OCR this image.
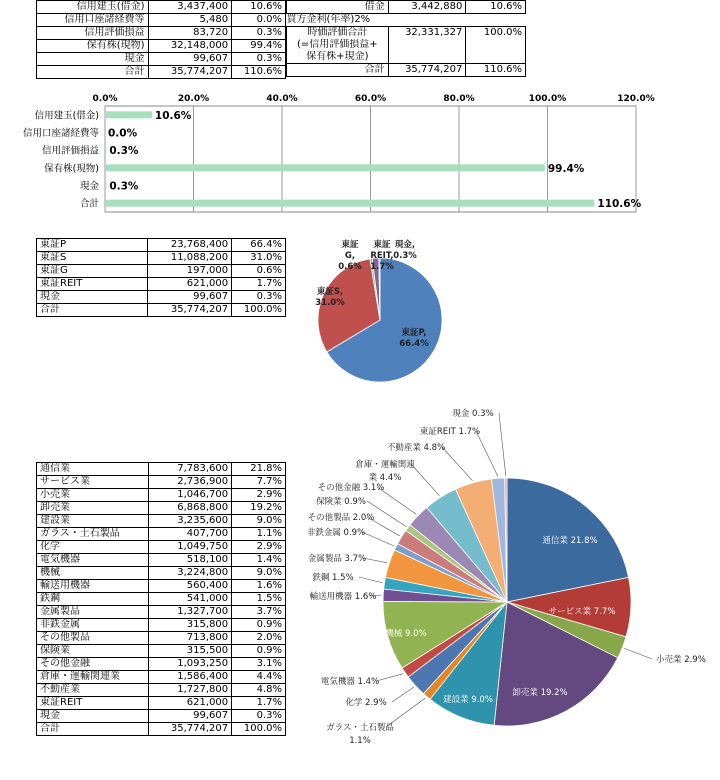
信用建玉(借金)	3,437,400	10.6%
信用口座諸経費等	5,480	0.0%
信用評価損益	83,720	0.3%
保有株(現物)	32,148,000	99.4%
現金	99,607	0.3%
合計	35,774,207	110.6%
借金	3,442,880	10.6%
買方金利(年率)2%		
時価評価合計	32,331,327	100.0%
(=信用評価損益+		
保有株+現金)		
合計	35,774,207	110.6%
0.0%	20.0%	40.0%	60.0%	80.0%	100.0%	120.0%
信用建玉(借金)	10.6%
信用口座諸経費等 0.0%
信用評価損益 0.3%
保有株(現物)	99.4%
現金 0.3%
合計	110.6%
東証P	23,768,400	66.4%
東証S	11,088,200	31.0%
東証G	197,000	0.6%
東証REIT	621,000	1.7%
現金	99,607	0.3%
合計	35,774,207	100.0%
東証P,
66.4%
東証S,
31.0%
東証
G,
0.6%
東証
REIT,
1.7%
現金,
0.3%
通信業	7,783,600	21.8%
サービス業	2,736,900	7.7%
小売業	1,046,700	2.9%
卸売業	6,868,800	19.2%
建設業	3,235,600	9.0%
ガラス・土石製品	407,700	1.1%
化学	1,049,750	2.9%
電気機器	518,100	1.4%
機械	3,224,800	9.0%
輸送用機器	560,400	1.6%
鉄鋼	541,000	1.5%
金属製品	1,327,700	3.7%
非鉄金属	315,800	0.9%
その他製品	713,800	2.0%
保険業	315,500	0.9%
その他金融	1,093,250	3.1%
倉庫・運輸関連業	1,586,400	4.4%
不動産業	1,727,800	4.8%
東証REIT	621,000	1.7%
現金	99,607	0.3%
合計	35,774,207	100.0%
通信業 21.8%
サービス業 7.7%
小売業 2.9%
卸売業 19.2%
建設業 9.0%
ガラス・土石製品
1.1%
化学 2.9%
電気機器 1.4%
機械 9.0%
輸送用機器 1.6%
鉄鋼 1.5%
金属製品 3.7%
非鉄金属 0.9%
その他製品 2.0%
保険業 0.9%
その他金融 3.1%
倉庫・運輸関連
業 4.4%
不動産業 4.8%
東証REIT 1.7%
現金 0.3%
